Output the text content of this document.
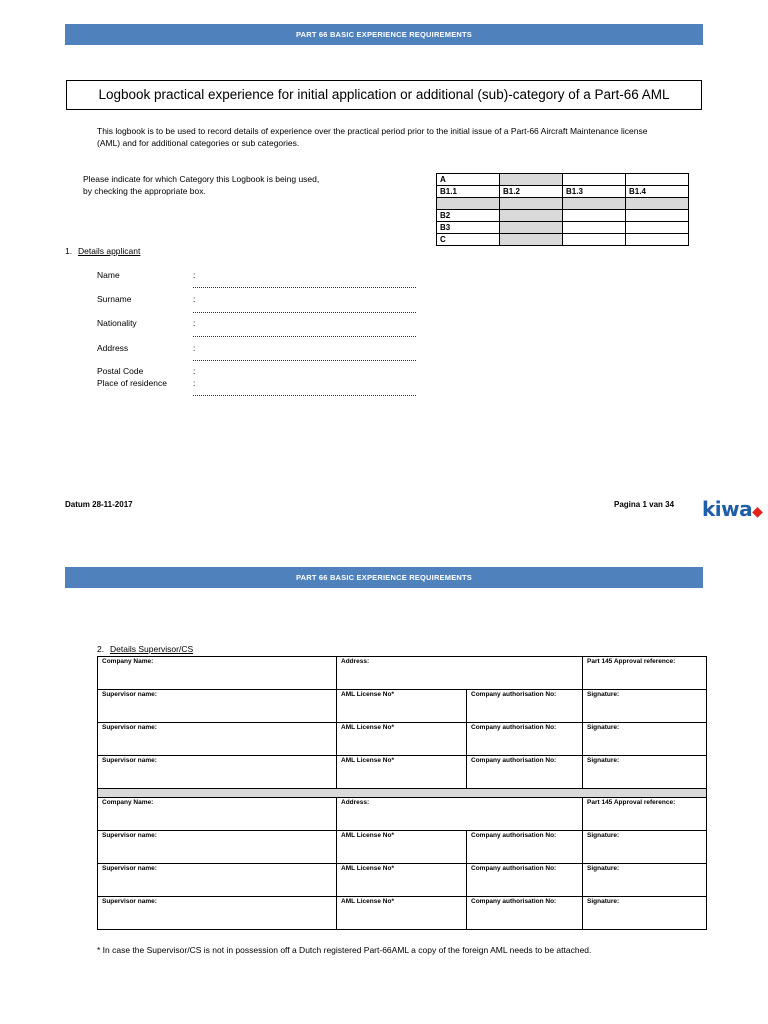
PART 66 BASIC EXPERIENCE REQUIREMENTS
Logbook practical experience for initial application or additional (sub)-category of a Part-66 AML
This logbook is to be used to record details of experience over the practical period prior to the initial issue of a Part-66 Aircraft Maintenance license
(AML) and for additional categories or sub categories.
Please indicate for which Category this Logbook is being used,
by checking the appropriate box.
A			
B1.1	B1.2	B1.3	B1.4

B2			
B3			
C			
1. Details applicant
Name	:
Surname	:
Nationality	:
Address	:
Postal Code	:
Place of residence	:
Datum 28-11-2017	Pagina 1 van 34 kiwa◆
PART 66 BASIC EXPERIENCE REQUIREMENTS
2. Details Supervisor/CS
Company Name:	Address:		Part 145 Approval reference:
Supervisor name:	AML License No*	Company authorisation No:	Signature:
Supervisor name:	AML License No*	Company authorisation No:	Signature:
Supervisor name:	AML License No*	Company authorisation No:	Signature:

Company Name:	Address:		Part 145 Approval reference:
Supervisor name:	AML License No*	Company authorisation No:	Signature:
Supervisor name:	AML License No*	Company authorisation No:	Signature:
Supervisor name:	AML License No*	Company authorisation No:	Signature:
* In case the Supervisor/CS is not in possession off a Dutch registered Part-66AML a copy of the foreign AML needs to be attached.
